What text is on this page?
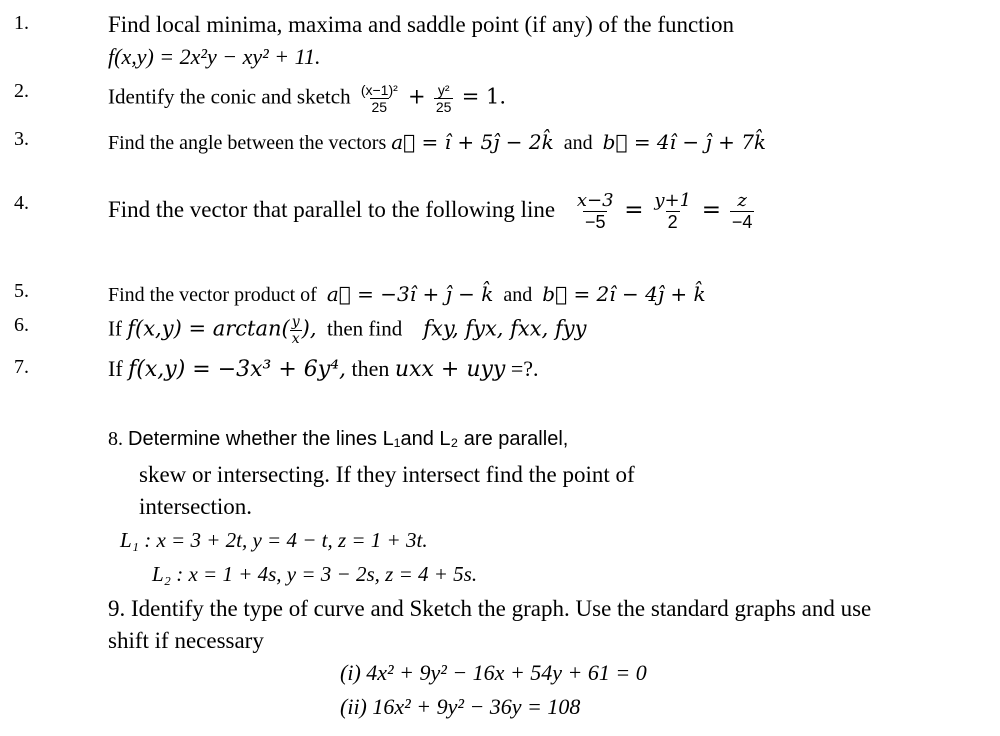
1.
2.
3.
4.
5.
6.
7.
Find local minima, maxima and saddle point (if any) of the function
f(x,y) = 2x²y − xy² + 11.
Identify the conic and sketch $\frac{\text{(x−1)²}}{25} + \frac{\text{y²}}{25} = 1$.
Find the angle between the vectors a⃗ = î + 5ĵ − 2k̂ and b⃗ = 4î − ĵ + 7k̂
Find the vector that parallel to the following line $\frac{x-3}{-5} = \frac{y+1}{2} = \frac{z}{-4}$
Find the vector product of a⃗ = −3î + ĵ − k̂ and b⃗ = 2î − 4ĵ + k̂
If $f(x,y) = \arctan( \frac{y}{x}$ ), then find fxy, fyx, fxx, fyy
If f(x,y) = −3x³ + 6y⁴, then uxx + uyy =?.
8. Determine whether the lines L₁and L₂ are parallel,
skew or intersecting. If they intersect find the point of
intersection.
L₁ : x = 3 + 2t, y = 4 − t, z = 1 + 3t.
L₂ : x = 1 + 4s, y = 3 − 2s, z = 4 + 5s.
9. Identify the type of curve and Sketch the graph. Use the standard graphs and use
shift if necessary
(i) 4x² + 9y² − 16x + 54y + 61 = 0
(ii) 16x² + 9y² − 36y = 108
